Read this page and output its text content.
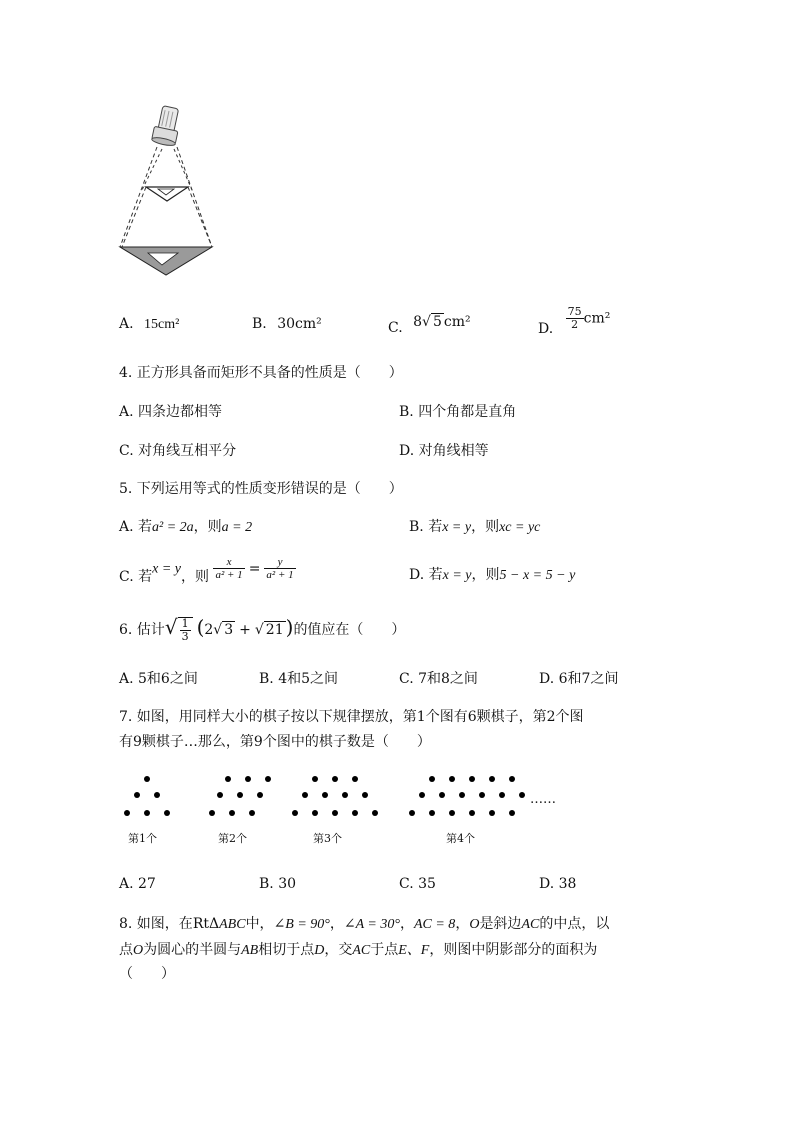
A. 15cm²	B. 30cm²	C. 8√ 5 cm²	D. $\frac{75}{2} cm^2$
4. 正方形具备而矩形不具备的性质是（　　）
A. 四条边都相等	B. 四个角都是直角
C. 对角线互相平分	D. 对角线相等
5. 下列运用等式的性质变形错误的是（　　）
A. 若a² = 2a，则a = 2	B. 若x = y，则xc = yc
C. 若x = y，则 $\frac{x}{\text{a² + 1}} = \frac{y}{\text{a² + 1}}$	D. 若x = y，则5 − x = 5 − y
6. 估计√ $\frac{1}{3} (2√$ 3 + √ 21 )的值应在（　　）
A. 5和6之间	B. 4和5之间	C. 7和8之间	D. 6和7之间
7. 如图，用同样大小的棋子按以下规律摆放，第1个图有6颗棋子，第2个图
有9颗棋子…那么，第9个图中的棋子数是（　　）
……
第1个	第2个	第3个	第4个
A. 27	B. 30	C. 35	D. 38
8. 如图，在RtΔABC中，∠B = 90°，∠A = 30°，AC = 8，O是斜边AC的中点，以
点O为圆心的半圆与AB相切于点D，交AC于点E、F，则图中阴影部分的面积为
（　　）
